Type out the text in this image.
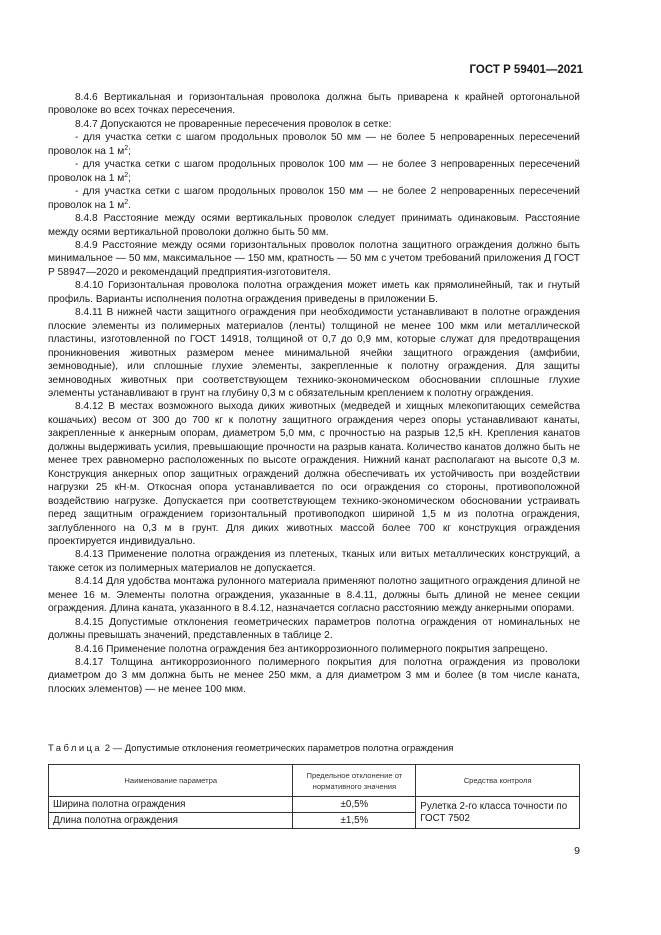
ГОСТ Р 59401—2021

8.4.6 Вертикальная и горизонтальная проволока должна быть приварена к крайней ортогональной проволоке во всех точках пересечения.

8.4.7 Допускаются не проваренные пересечения проволок в сетке:

- для участка сетки с шагом продольных проволок 50 мм — не более 5 непроваренных пересечений проволок на 1 $м^2$;

- для участка сетки с шагом продольных проволок 100 мм — не более 3 непроваренных пересечений проволок на 1 $м^2$;

- для участка сетки с шагом продольных проволок 150 мм — не более 2 непроваренных пересечений проволок на 1 $м^2$.

8.4.8 Расстояние между осями вертикальных проволок следует принимать одинаковым. Расстояние между осями вертикальной проволоки должно быть 50 мм.

8.4.9 Расстояние между осями горизонтальных проволок полотна защитного ограждения должно быть минимальное — 50 мм, максимальное — 150 мм, кратность — 50 мм с учетом требований приложения Д ГОСТ Р 58947—2020 и рекомендаций предприятия-изготовителя.

8.4.10 Горизонтальная проволока полотна ограждения может иметь как прямолинейный, так и гнутый профиль. Варианты исполнения полотна ограждения приведены в приложении Б.

8.4.11 В нижней части защитного ограждения при необходимости устанавливают в полотне ограждения плоские элементы из полимерных материалов (ленты) толщиной не менее 100 мкм или металлической пластины, изготовленной по ГОСТ 14918, толщиной от 0,7 до 0,9 мм, которые служат для предотвращения проникновения животных размером менее минимальной ячейки защитного ограждения (амфибии, земноводные), или сплошные глухие элементы, закрепленные к полотну ограждения. Для защиты земноводных животных при соответствующем технико-экономическом обосновании сплошные глухие элементы устанавливают в грунт на глубину 0,3 м с обязательным креплением к полотну ограждения.

8.4.12 В местах возможного выхода диких животных (медведей и хищных млекопитающих семейства кошачьих) весом от 300 до 700 кг к полотну защитного ограждения через опоры устанавливают канаты, закрепленные к анкерным опорам, диаметром 5,0 мм, с прочностью на разрыв 12,5 кН. Крепления канатов должны выдерживать усилия, превышающие прочности на разрыв каната. Количество канатов должно быть не менее трех равномерно расположенных по высоте ограждения. Нижний канат располагают на высоте 0,3 м. Конструкция анкерных опор защитных ограждений должна обеспечивать их устойчивость при воздействии нагрузки 25 кН·м. Откосная опора устанавливается по оси ограждения со стороны, противоположной воздействию нагрузке. Допускается при соответствующем технико-экономическом обосновании устраивать перед защитным ограждением горизонтальный противоподкоп шириной 1,5 м из полотна ограждения, заглубленного на 0,3 м в грунт. Для диких животных массой более 700 кг конструкция ограждения проектируется индивидуально.

8.4.13 Применение полотна ограждения из плетеных, тканых или витых металлических конструкций, а также сеток из полимерных материалов не допускается.

8.4.14 Для удобства монтажа рулонного материала применяют полотно защитного ограждения длиной не менее 16 м. Элементы полотна ограждения, указанные в 8.4.11, должны быть длиной не менее секции ограждения. Длина каната, указанного в 8.4.12, назначается согласно расстоянию между анкерными опорами.

8.4.15 Допустимые отклонения геометрических параметров полотна ограждения от номинальных не должны превышать значений, представленных в таблице 2.

8.4.16 Применение полотна ограждения без антикоррозионного полимерного покрытия запрещено.

8.4.17 Толщина антикоррозионного полимерного покрытия для полотна ограждения из проволоки диаметром до 3 мм должна быть не менее 250 мкм, а для диаметром 3 мм и более (в том числе каната, плоских элементов) — не менее 100 мкм.

Таблица 2 — Допустимые отклонения геометрических параметров полотна ограждения
Наименование параметра	Предельное отклонение от нормативного значения	Средства контроля
Ширина полотна ограждения	±0,5%	Рулетка 2-го класса точности по ГОСТ 7502
Длина полотна ограждения	±1,5%	
9
